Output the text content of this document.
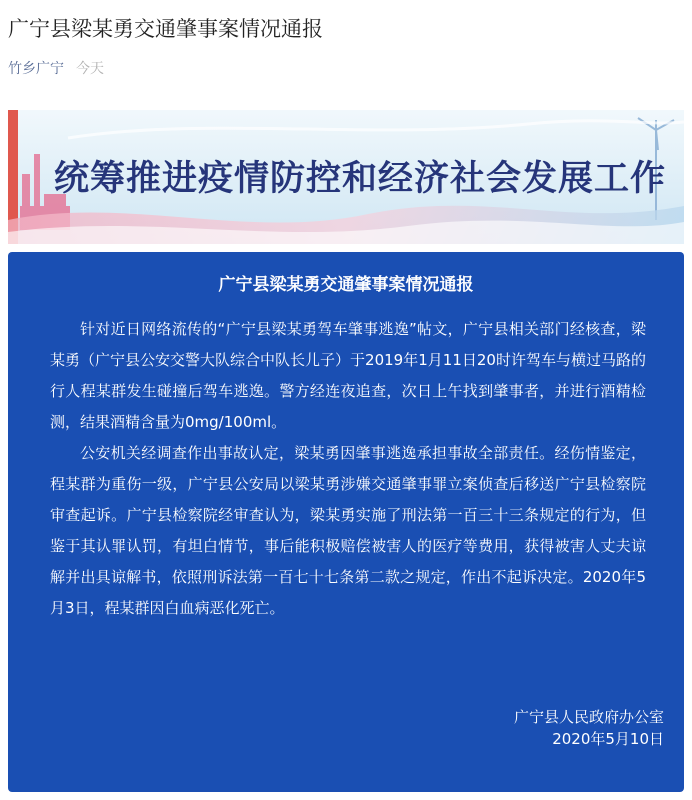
广宁县梁某勇交通肇事案情况通报
竹乡广宁 今天
统筹推进疫情防控和经济社会发展工作
广宁县梁某勇交通肇事案情况通报

针对近日网络流传的“广宁县梁某勇驾车肇事逃逸”帖文，广宁县相关部门经核查，梁某勇（广宁县公安交警大队综合中队长儿子）于2019年1月11日20时许驾车与横过马路的行人程某群发生碰撞后驾车逃逸。警方经连夜追查，次日上午找到肇事者，并进行酒精检测，结果酒精含量为0mg/100ml。

公安机关经调查作出事故认定，梁某勇因肇事逃逸承担事故全部责任。经伤情鉴定，程某群为重伤一级，广宁县公安局以梁某勇涉嫌交通肇事罪立案侦查后移送广宁县检察院审查起诉。广宁县检察院经审查认为，梁某勇实施了刑法第一百三十三条规定的行为，但鉴于其认罪认罚，有坦白情节，事后能积极赔偿被害人的医疗等费用，获得被害人丈夫谅解并出具谅解书，依照刑诉法第一百七十七条第二款之规定，作出不起诉决定。2020年5月3日，程某群因白血病恶化死亡。

广宁县人民政府办公室
2020年5月10日
